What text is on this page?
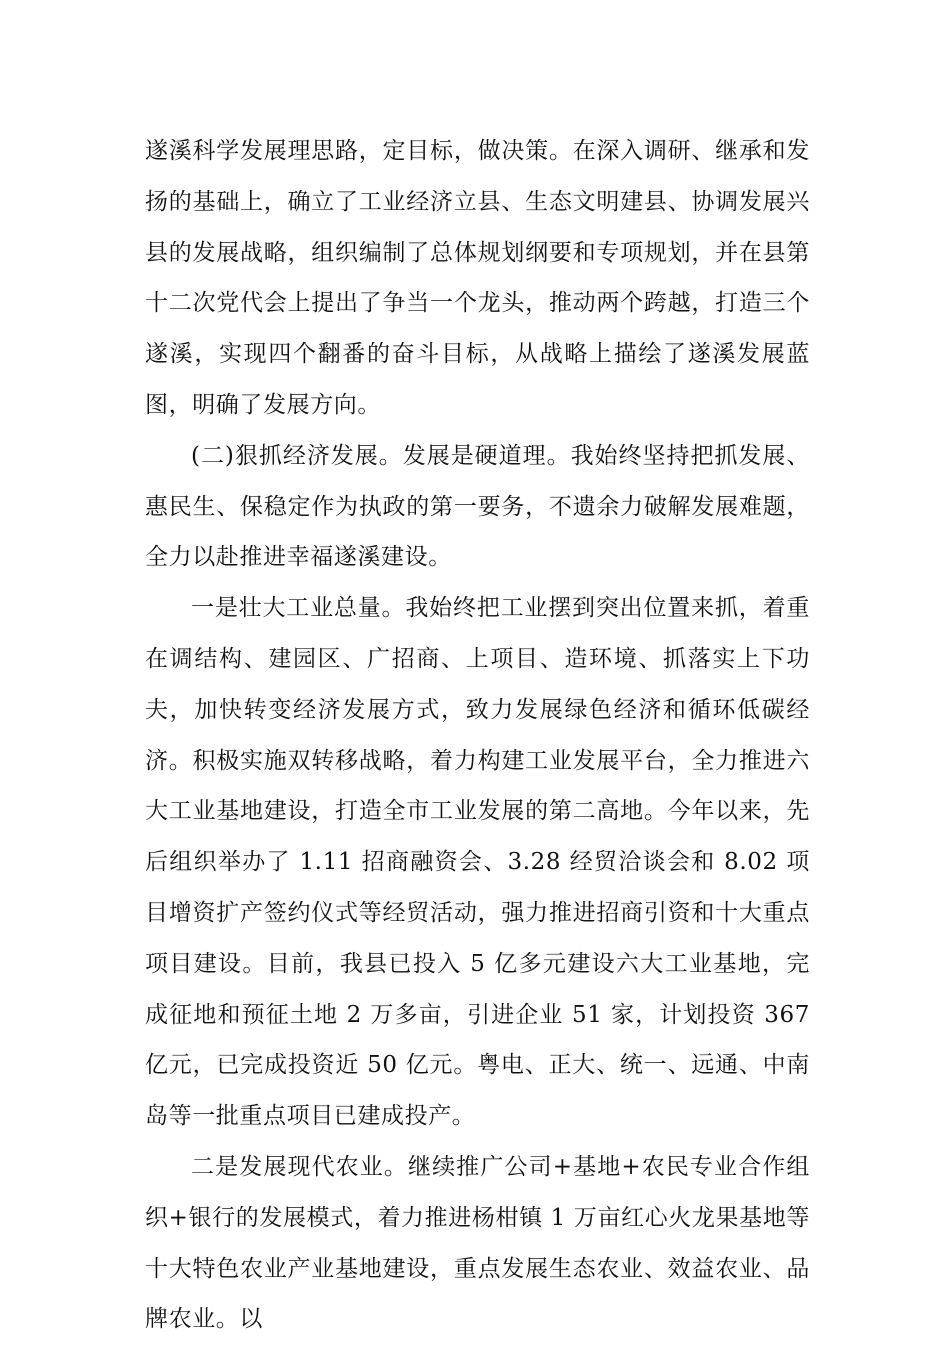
遂溪科学发展理思路，定目标，做决策。在深入调研、继承和发扬的基础上，确立了工业经济立县、生态文明建县、协调发展兴县的发展战略，组织编制了总体规划纲要和专项规划，并在县第十二次党代会上提出了争当一个龙头，推动两个跨越，打造三个遂溪，实现四个翻番的奋斗目标，从战略上描绘了遂溪发展蓝图，明确了发展方向。

(二)狠抓经济发展。发展是硬道理。我始终坚持把抓发展、惠民生、保稳定作为执政的第一要务，不遗余力破解发展难题，全力以赴推进幸福遂溪建设。

一是壮大工业总量。我始终把工业摆到突出位置来抓，着重在调结构、建园区、广招商、上项目、造环境、抓落实上下功夫，加快转变经济发展方式，致力发展绿色经济和循环低碳经济。积极实施双转移战略，着力构建工业发展平台，全力推进六大工业基地建设，打造全市工业发展的第二高地。今年以来，先后组织举办了 1.11 招商融资会、3.28 经贸洽谈会和 8.02 项目增资扩产签约仪式等经贸活动，强力推进招商引资和十大重点项目建设。目前，我县已投入 5 亿多元建设六大工业基地，完成征地和预征土地 2 万多亩，引进企业 51 家，计划投资 367 亿元，已完成投资近 50 亿元。粤电、正大、统一、远通、中南岛等一批重点项目已建成投产。

二是发展现代农业。继续推广公司+基地+农民专业合作组织+银行的发展模式，着力推进杨柑镇 1 万亩红心火龙果基地等十大特色农业产业基地建设，重点发展生态农业、效益农业、品牌农业。以
